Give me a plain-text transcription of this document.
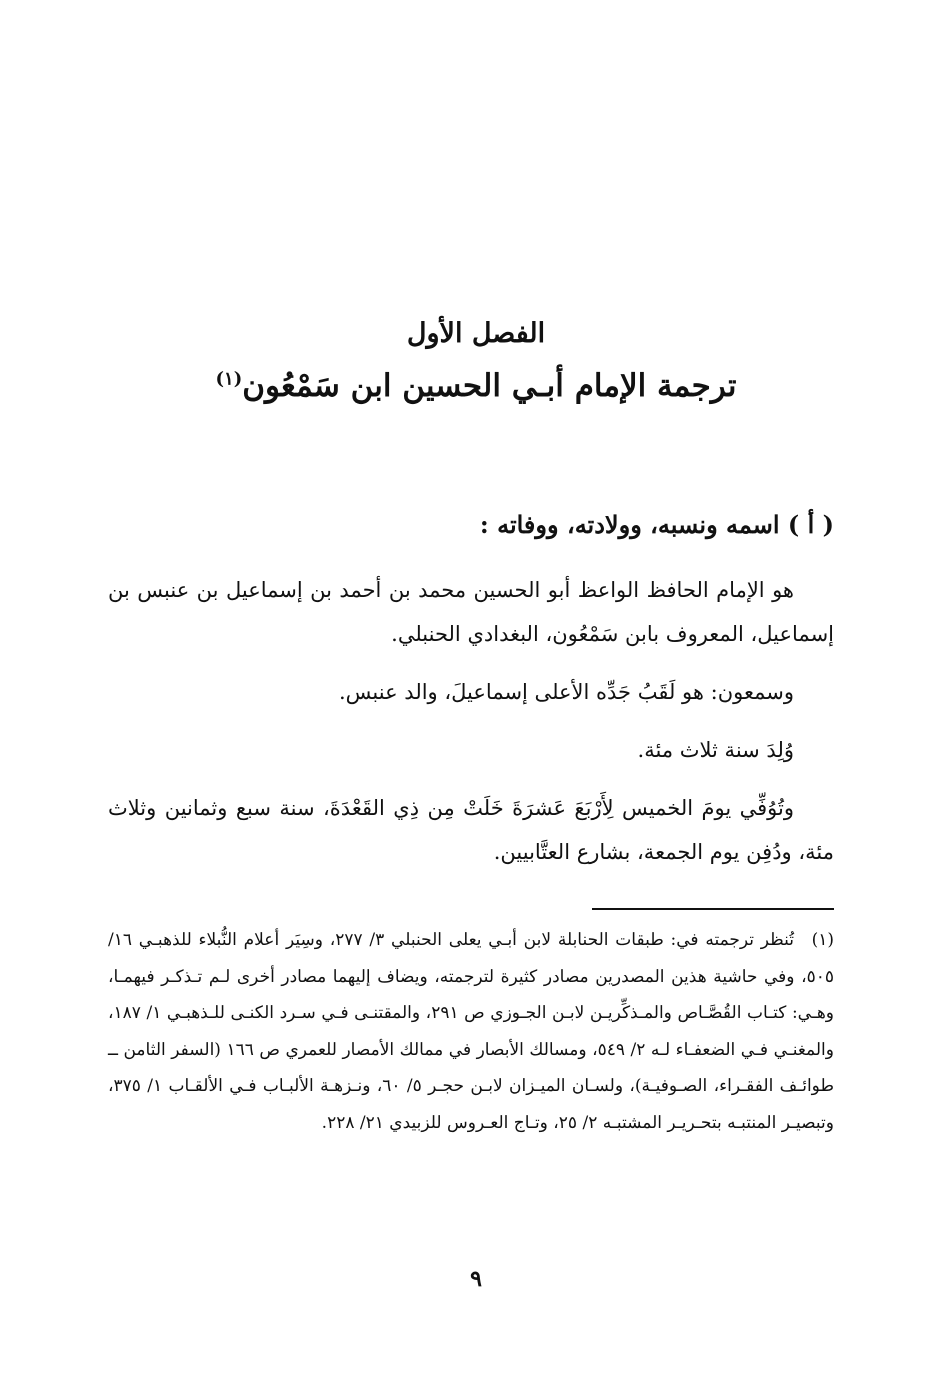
الفصل الأول
ترجمة الإمام أبـي الحسين ابن سَمْعُون$^{(١)}$
( أ ) اسمه ونسبه، وولادته، ووفاته :

هو الإمام الحافظ الواعظ أبو الحسين محمد بن أحمد بن إسماعيل بن عنبس بن إسماعيل، المعروف بابن سَمْعُون، البغدادي الحنبلي.

وسمعون: هو لَقَبُ جَدِّه الأعلى إسماعيلَ، والد عنبس.

وُلِدَ سنة ثلاث مئة.

وتُوُفِّي يومَ الخميس لِأَرْبَعَ عَشرَةَ خَلَتْ مِن ذِي القَعْدَةَ، سنة سبع وثمانين وثلاث مئة، ودُفِن يوم الجمعة، بشارع العتَّابيين.

(١)تُنظر ترجمته في: طبقات الحنابلة لابن أبـي يعلى الحنبلي ٣/ ٢٧٧، وسِيَر أعلام النُّبلاء للذهبـي ١٦/ ٥٠٥، وفي حاشية هذين المصدرين مصادر كثيرة لترجمته، ويضاف إليهما مصادر أخرى لـم تـذكـر فيهمـا، وهـي: كتـاب القُصَّـاص والمـذكِّريـن لابـن الجـوزي ص ٢٩١، والمقتنـى فـي سـرد الكنـى للـذهبـي ١/ ١٨٧، والمغنـي فـي الضعفـاء لـه ٢/ ٥٤٩، ومسالك الأبصار في ممالك الأمصار للعمري ص ١٦٦ (السفر الثامن ــ طوائـف الفقـراء، الصـوفيـة)، ولسـان الميـزان لابـن حجـر ٥/ ٦٠، ونـزهـة الألبـاب فـي الألقـاب ١/ ٣٧٥، وتبصيـر المنتبـه بتحـريـر المشتبـه ٢/ ٢٥، وتـاج العـروس للزبيدي ٢١/ ٢٢٨.
٩
